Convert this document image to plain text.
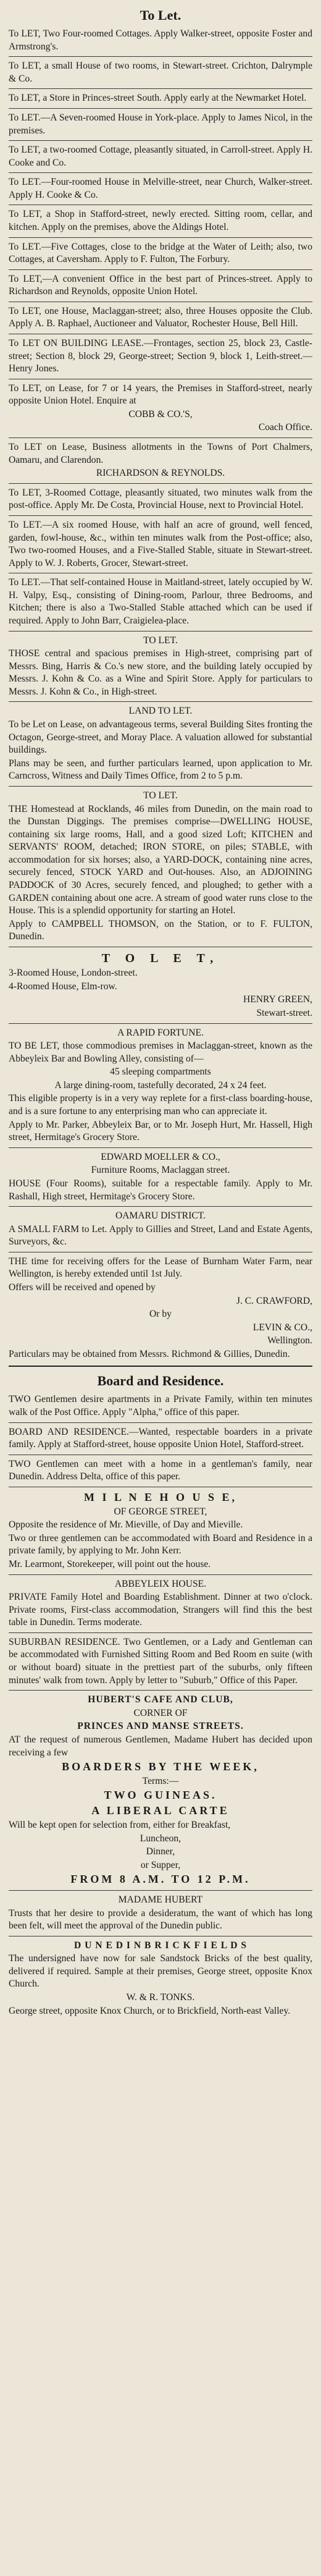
To Let.

To LET, Two Four-roomed Cottages. Apply Walker-street, opposite Foster and Armstrong's.

To LET, a small House of two rooms, in Stewart-street. Crichton, Dalrymple & Co.

To LET, a Store in Princes-street South. Apply early at the Newmarket Hotel.

To LET.—A Seven-roomed House in York-place. Apply to James Nicol, in the premises.

To LET, a two-roomed Cottage, pleasantly situated, in Carroll-street. Apply H. Cooke and Co.

To LET.—Four-roomed House in Melville-street, near Church, Walker-street. Apply H. Cooke & Co.

To LET, a Shop in Stafford-street, newly erected. Sitting room, cellar, and kitchen. Apply on the premises, above the Aldings Hotel.

To LET.—Five Cottages, close to the bridge at the Water of Leith; also, two Cottages, at Caversham. Apply to F. Fulton, The Forbury.

To LET,—A convenient Office in the best part of Princes-street. Apply to Richardson and Reynolds, opposite Union Hotel.

To LET, one House, Maclaggan-street; also, three Houses opposite the Club. Apply A. B. Raphael, Auctioneer and Valuator, Rochester House, Bell Hill.

To LET ON BUILDING LEASE.—Frontages, section 25, block 23, Castle-street; Section 8, block 29, George-street; Section 9, block 1, Leith-street.—Henry Jones.

To LET, on Lease, for 7 or 14 years, the Premises in Stafford-street, nearly opposite Union Hotel. Enquire at

COBB & CO.'S,

Coach Office.

To LET on Lease, Business allotments in the Towns of Port Chalmers, Oamaru, and Clarendon.

RICHARDSON & REYNOLDS.

To LET, 3-Roomed Cottage, pleasantly situated, two minutes walk from the post-office. Apply Mr. De Costa, Provincial House, next to Provincial Hotel.

To LET.—A six roomed House, with half an acre of ground, well fenced, garden, fowl-house, &c., within ten minutes walk from the Post-office; also, Two two-roomed Houses, and a Five-Stalled Stable, situate in Stewart-street. Apply to W. J. Roberts, Grocer, Stewart-street.

To LET.—That self-contained House in Maitland-street, lately occupied by W. H. Valpy, Esq., consisting of Dining-room, Parlour, three Bedrooms, and Kitchen; there is also a Two-Stalled Stable attached which can be used if required. Apply to John Barr, Craigielea-place.

TO LET.

THOSE central and spacious premises in High-street, comprising part of Messrs. Bing, Harris & Co.'s new store, and the building lately occupied by Messrs. J. Kohn & Co. as a Wine and Spirit Store. Apply for particulars to Messrs. J. Kohn & Co., in High-street.

LAND TO LET.

To be Let on Lease, on advantageous terms, several Building Sites fronting the Octagon, George-street, and Moray Place. A valuation allowed for substantial buildings.

Plans may be seen, and further particulars learned, upon application to Mr. Carncross, Witness and Daily Times Office, from 2 to 5 p.m.

TO LET.

THE Homestead at Rocklands, 46 miles from Dunedin, on the main road to the Dunstan Diggings. The premises comprise—DWELLING HOUSE, containing six large rooms, Hall, and a good sized Loft; KITCHEN and SERVANTS' ROOM, detached; IRON STORE, on piles; STABLE, with accommodation for six horses; also, a YARD-DOCK, containing nine acres, securely fenced, STOCK YARD and Out-houses. Also, an ADJOINING PADDOCK of 30 Acres, securely fenced, and ploughed; to gether with a GARDEN containing about one acre. A stream of good water runs close to the House. This is a splendid opportunity for starting an Hotel.

Apply to CAMPBELL THOMSON, on the Station, or to F. FULTON, Dunedin.

T O L E T,

3-Roomed House, London-street.

4-Roomed House, Elm-row.

HENRY GREEN,

Stewart-street.

A RAPID FORTUNE.

TO BE LET, those commodious premises in Maclaggan-street, known as the Abbeyleix Bar and Bowling Alley, consisting of—

45 sleeping compartments

A large dining-room, tastefully decorated, 24 x 24 feet.

This eligible property is in a very way replete for a first-class boarding-house, and is a sure fortune to any enterprising man who can appreciate it.

Apply to Mr. Parker, Abbeyleix Bar, or to Mr. Joseph Hurt, Mr. Hassell, High street, Hermitage's Grocery Store.

EDWARD MOELLER & CO.,

Furniture Rooms, Maclaggan street.

HOUSE (Four Rooms), suitable for a respectable family. Apply to Mr. Rashall, High street, Hermitage's Grocery Store.

OAMARU DISTRICT.

A SMALL FARM to Let. Apply to Gillies and Street, Land and Estate Agents, Surveyors, &c.

THE time for receiving offers for the Lease of Burnham Water Farm, near Wellington, is hereby extended until 1st July.

Offers will be received and opened by

J. C. CRAWFORD,

Or by

LEVIN & CO.,

Wellington.

Particulars may be obtained from Messrs. Richmond & Gillies, Dunedin.

Board and Residence.

TWO Gentlemen desire apartments in a Private Family, within ten minutes walk of the Post Office. Apply "Alpha," office of this paper.

BOARD AND RESIDENCE.—Wanted, respectable boarders in a private family. Apply at Stafford-street, house opposite Union Hotel, Stafford-street.

TWO Gentlemen can meet with a home in a gentleman's family, near Dunedin. Address Delta, office of this paper.

M I L N E H O U S E,

OF GEORGE STREET,

Opposite the residence of Mr. Mieville, of Day and Mieville.

Two or three gentlemen can be accommodated with Board and Residence in a private family, by applying to Mr. John Kerr.

Mr. Learmont, Storekeeper, will point out the house.

ABBEYLEIX HOUSE.

PRIVATE Family Hotel and Boarding Establishment. Dinner at two o'clock. Private rooms, First-class accommodation, Strangers will find this the best table in Dunedin. Terms moderate.

SUBURBAN RESIDENCE. Two Gentlemen, or a Lady and Gentleman can be accommodated with Furnished Sitting Room and Bed Room en suite (with or without board) situate in the prettiest part of the suburbs, only fifteen minutes' walk from town. Apply by letter to "Suburb," Office of this Paper.

HUBERT'S CAFE AND CLUB,

CORNER OF

PRINCES AND MANSE STREETS.

AT the request of numerous Gentlemen, Madame Hubert has decided upon receiving a few

BOARDERS BY THE WEEK,

Terms:—

TWO GUINEAS.

A LIBERAL CARTE

Will be kept open for selection from, either for Breakfast,

Luncheon,

Dinner,

or Supper,

FROM 8 A.M. TO 12 P.M.

MADAME HUBERT

Trusts that her desire to provide a desideratum, the want of which has long been felt, will meet the approval of the Dunedin public.

D U N E D I N B R I C K F I E L D S

The undersigned have now for sale Sandstock Bricks of the best quality, delivered if required. Sample at their premises, George street, opposite Knox Church.

W. & R. TONKS.

George street, opposite Knox Church, or to Brickfield, North-east Valley.
